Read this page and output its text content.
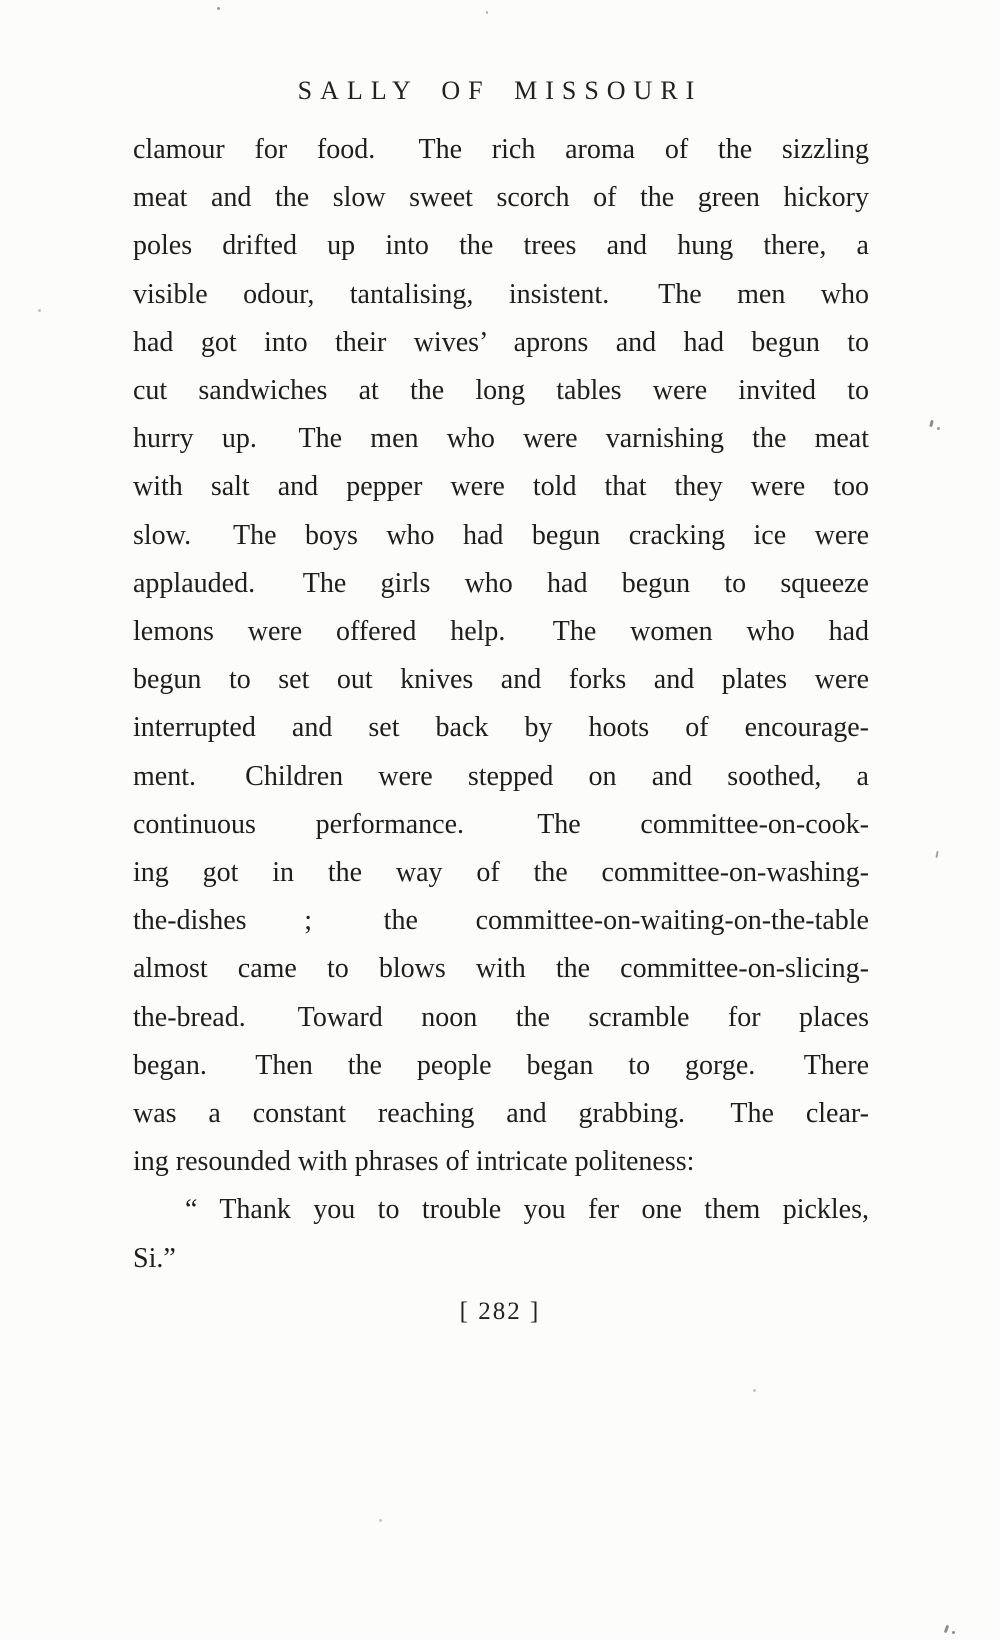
SALLY OF MISSOURI
clamour for food.  The rich aroma of the sizzling
meat and the slow sweet scorch of the green hickory
poles drifted up into the trees and hung there, a
visible odour, tantalising, insistent.  The men who
had got into their wives’ aprons and had begun to
cut sandwiches at the long tables were invited to
hurry up.  The men who were varnishing the meat
with salt and pepper were told that they were too
slow.  The boys who had begun cracking ice were
applauded.  The girls who had begun to squeeze
lemons were offered help.  The women who had
begun to set out knives and forks and plates were
interrupted and set back by hoots of encourage-
ment.  Children were stepped on and soothed, a
continuous performance.  The committee-on-cook-
ing got in the way of the committee-on-washing-
the-dishes ;  the committee-on-waiting-on-the-table
almost came to blows with the committee-on-slicing-
the-bread.  Toward noon the scramble for places
began.  Then the people began to gorge.  There
was a constant reaching and grabbing.  The clear-
ing resounded with phrases of intricate politeness:
“ Thank you to trouble you fer one them pickles,
Si.”
[ 282 ]
